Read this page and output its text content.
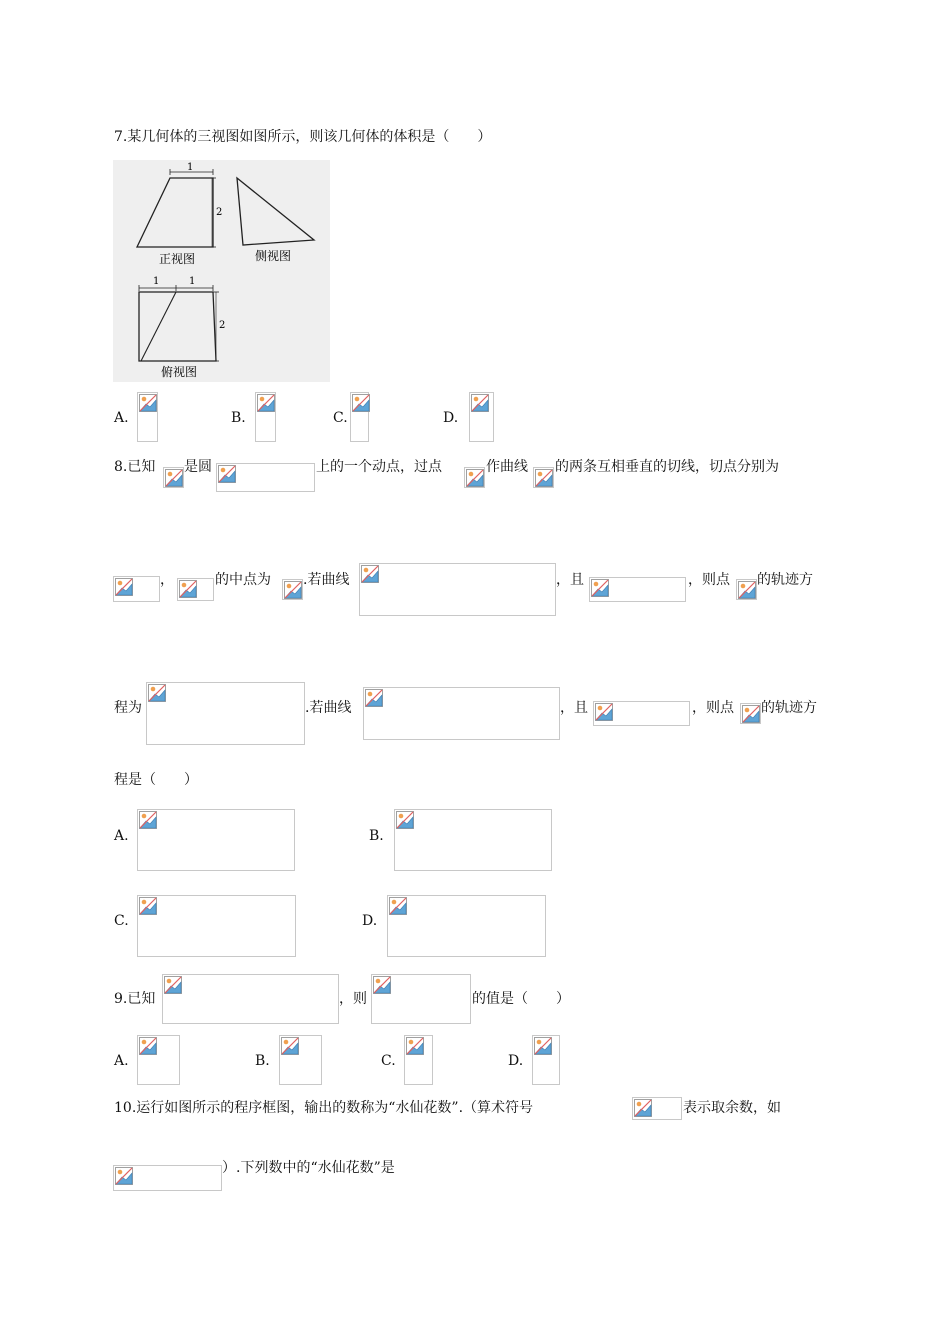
7.某几何体的三视图如图所示，则该几何体的体积是（　　）
1
2
正视图	侧视图
1	1
2
俯视图
A.	B.	C.	D.
8.已知 是圆	上的一个动点，过点	作曲线 的两条互相垂直的切线，切点分别为
，	的中点为 .若曲线	，且	，则点 的轨迹方
程为	.若曲线	，且	，则点 的轨迹方
程是（　　）
A.	B.
C.	D.
9.已知	，则	的值是（　　）
A.	B.	C.	D.
10.运行如图所示的程序框图，输出的数称为“水仙花数”.（算术符号	表示取余数，如
）.下列数中的“水仙花数”是
